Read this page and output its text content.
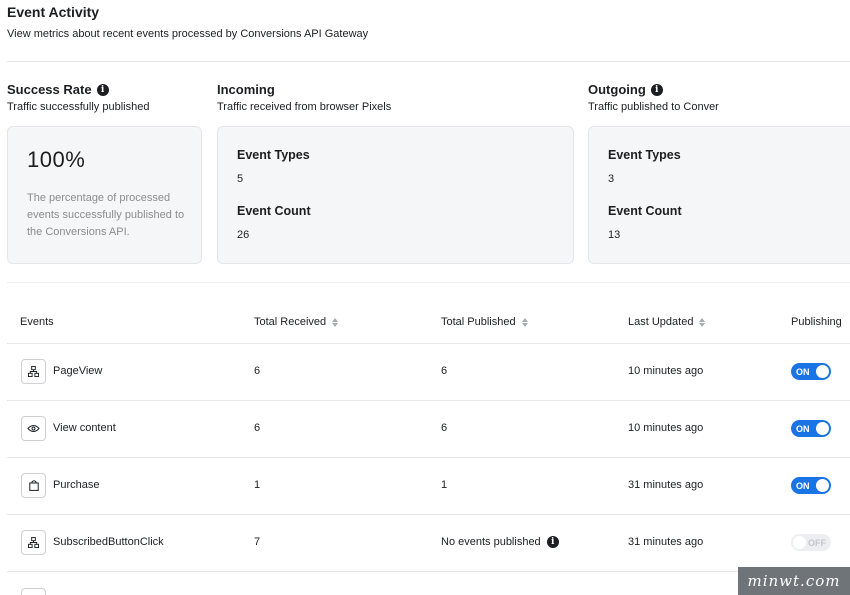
Event Activity
View metrics about recent events processed by Conversions API Gateway
Success Rate	i
Traffic successfully published
Incoming
Traffic received from browser Pixels
Outgoing	i
Traffic published to Conver
100%
The percentage of processed events successfully published to the Conversions API.
Event Types
5
Event Count
26
Event Types
3
Event Count
13
Events	Total Received	Total Published	Last Updated	Publishing
PageView	6	6	10 minutes ago	ON
View content	6	6	10 minutes ago	ON
Purchase	1	1	31 minutes ago	ON
SubscribedButtonClick	7	No events published	i	31 minutes ago	OFF
minwt.com
